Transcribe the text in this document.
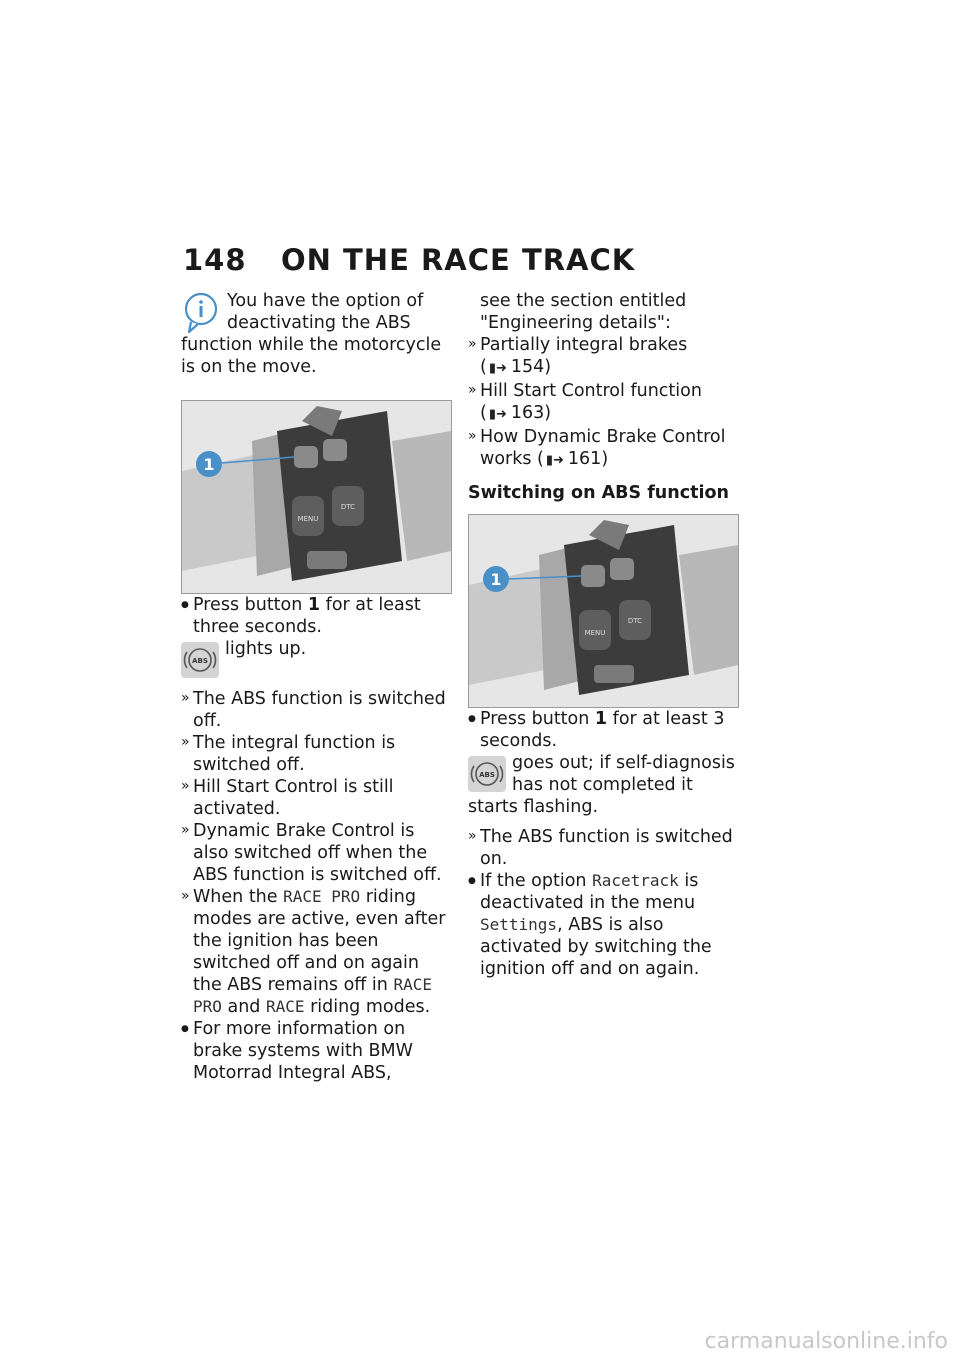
148 ON THE RACE TRACK

You have the option of deactivating the ABS function while the motorcycle is on the move.

MENU
DTC
1
● Press button 1 for at least three seconds.
ABS
lights up.
» The ABS function is switched off.
» The integral function is switched off.
» Hill Start Control is still activated.
» Dynamic Brake Control is also switched off when the ABS function is switched off.
» When the RACE PRO riding modes are active, even after the ignition has been switched off and on again the ABS remains off in RACE PRO and RACE riding modes.
● For more information on brake systems with BMW Motorrad Integral ABS,

see the section entitled "Engineering details":

» Partially integral brakes ( ▮➜ 154)
» Hill Start Control function ( ▮➜ 163)
» How Dynamic Brake Control works ( ▮➜ 161)
Switching on ABS function
MENU
DTC
1
● Press button 1 for at least 3 seconds.
ABS
goes out; if self-diagnosis has not completed it starts flashing.
» The ABS function is switched on.
● If the option Racetrack is deactivated in the menu Settings, ABS is also activated by switching the ignition off and on again.
carmanualsonline.info
